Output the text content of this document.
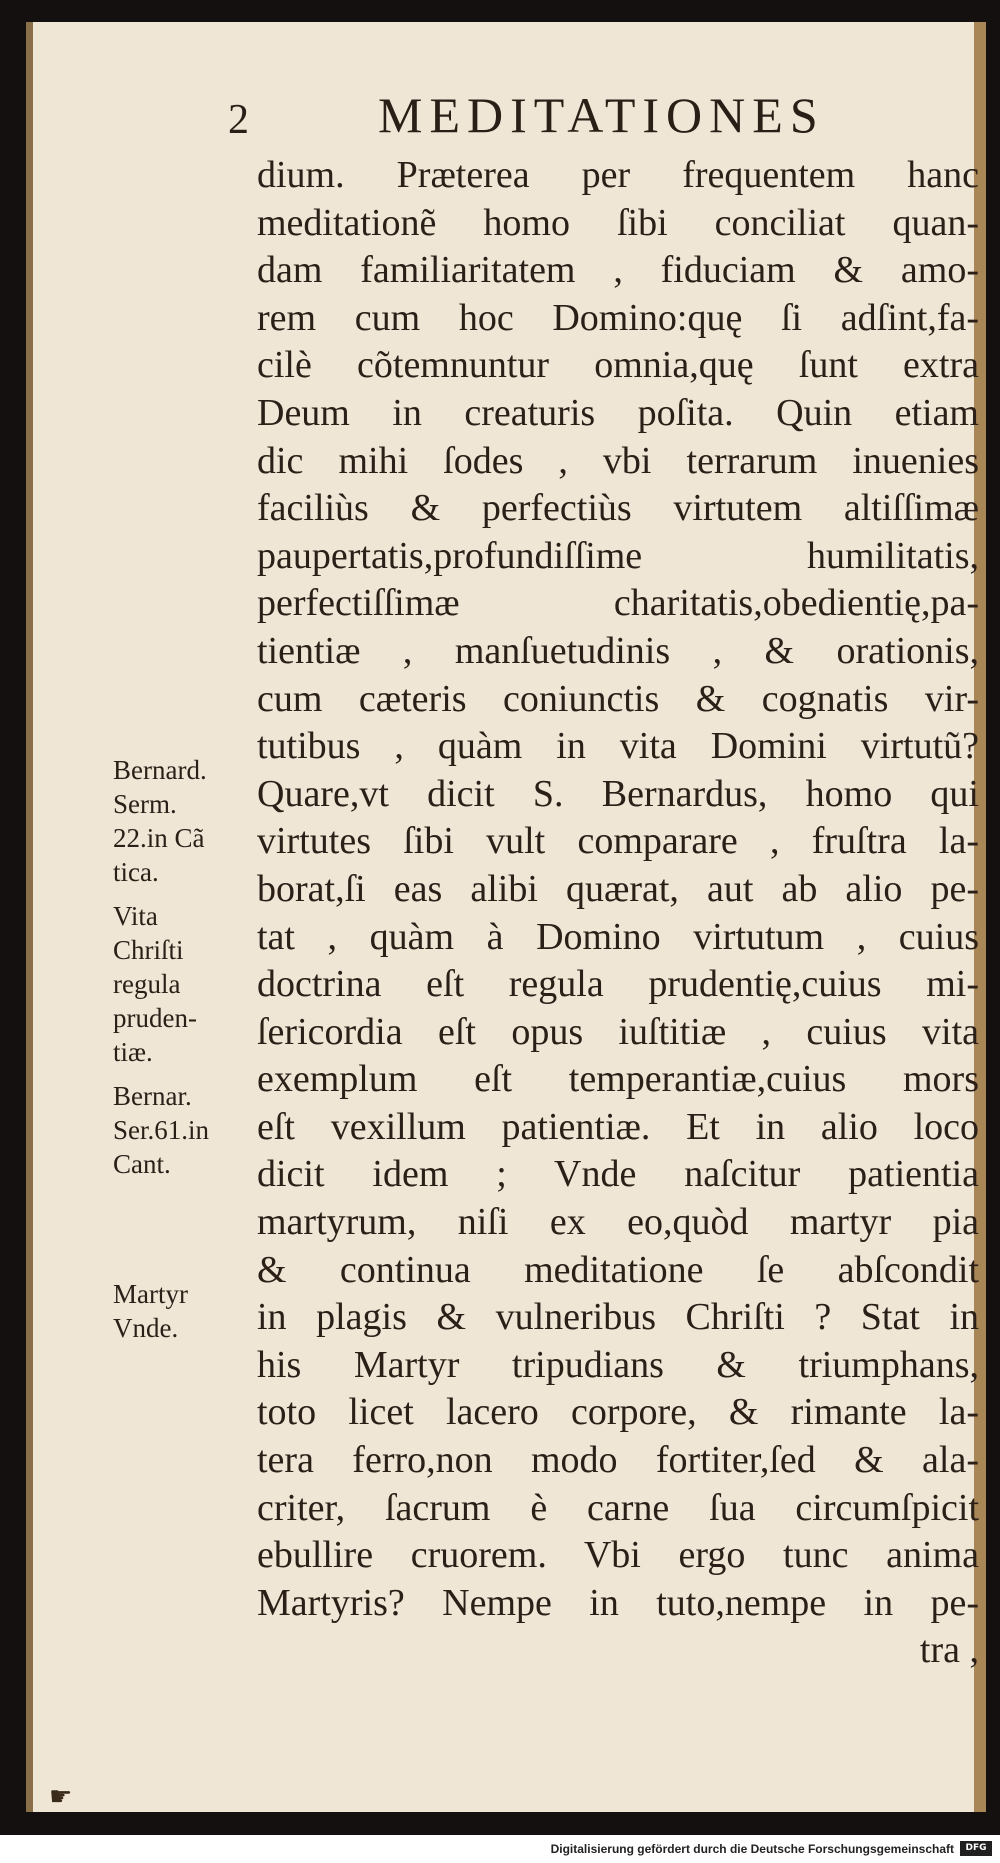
2	MEDITATIONES
dium. Præterea per frequentem hanc
meditationẽ homo ſibi conciliat quan-
dam familiaritatem , fiduciam & amo-
rem cum hoc Domino:quę ſi adſint,fa-
cilè cõtemnuntur omnia,quę ſunt extra
Deum in creaturis poſita. Quin etiam
dic mihi ſodes , vbi terrarum inuenies
faciliùs & perfectiùs virtutem altiſſimæ
paupertatis,profundiſſime humilitatis,
perfectiſſimæ charitatis,obedientię,pa-
tientiæ , manſuetudinis , & orationis,
cum cæteris coniunctis & cognatis vir-
tutibus , quàm in vita Domini virtutũ?
Quare,vt dicit S. Bernardus, homo qui
virtutes ſibi vult comparare , fruſtra la-
borat,ſi eas alibi quærat, aut ab alio pe-
tat , quàm à Domino virtutum , cuius
doctrina eſt regula prudentię,cuius mi-
ſericordia eſt opus iuſtitiæ , cuius vita
exemplum eſt temperantiæ,cuius mors
eſt vexillum patientiæ. Et in alio loco
dicit idem ; Vnde naſcitur patientia
martyrum, niſi ex eo,quòd martyr pia
& continua meditatione ſe abſcondit
in plagis & vulneribus Chriſti ? Stat in
his Martyr tripudians & triumphans,
toto licet lacero corpore, & rimante la-
tera ferro,non modo fortiter,ſed & ala-
criter, ſacrum è carne ſua circumſpicit
ebullire cruorem. Vbi ergo tunc anima
Martyris? Nempe in tuto,nempe in pe-
tra ,
Bernard.
Serm.
22.in Cã
tica.
Vita
Chriſti
regula
pruden-
tiæ.
Bernar.
Ser.61.in
Cant.
Martyr
Vnde.
☛
Digitalisierung gefördert durch die Deutsche Forschungsgemeinschaft	DFG
